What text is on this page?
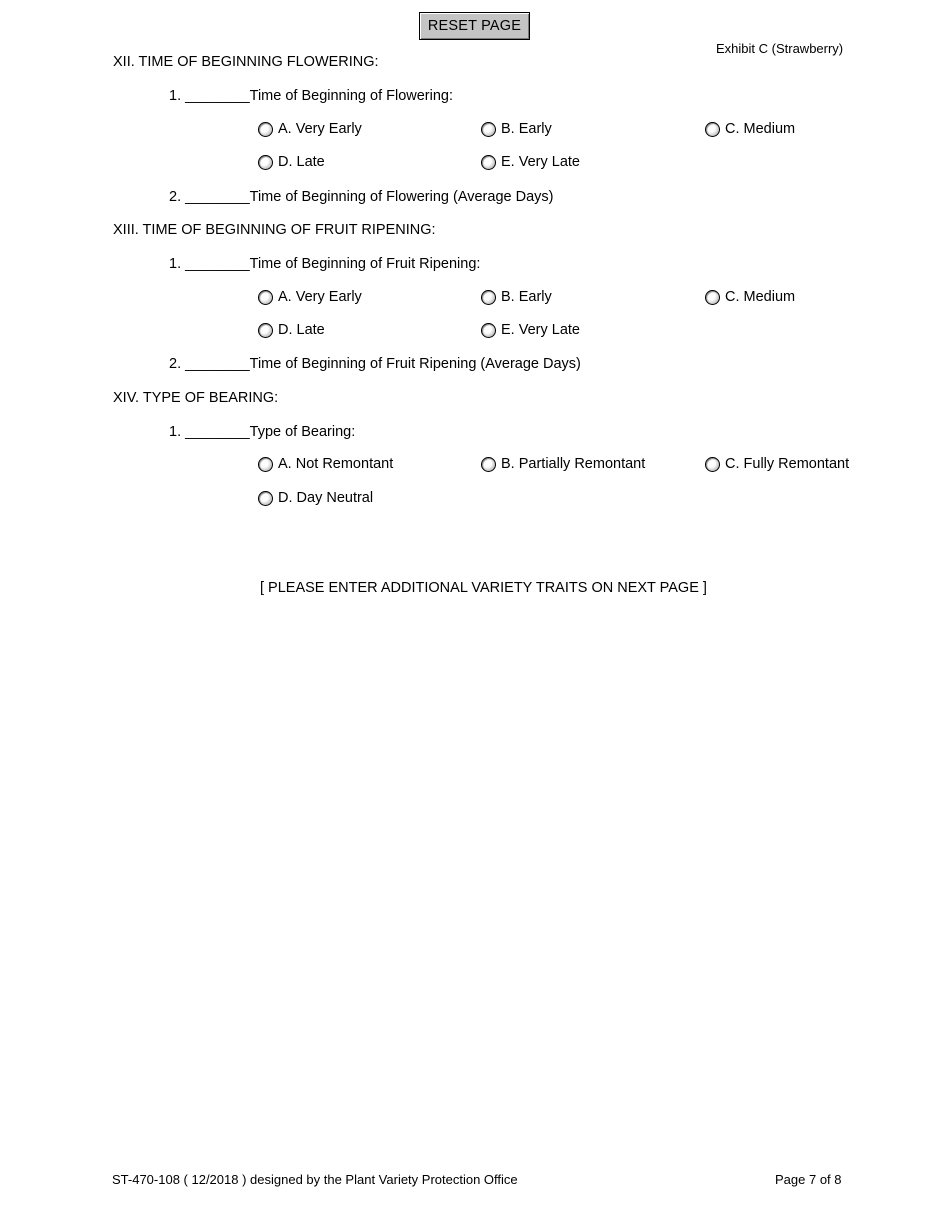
RESET PAGE
Exhibit C (Strawberry)
XII. TIME OF BEGINNING FLOWERING:
1. ________Time of Beginning of Flowering:
A. Very Early	B. Early	C. Medium
D. Late	E. Very Late
2. ________Time of Beginning of Flowering (Average Days)
XIII. TIME OF BEGINNING OF FRUIT RIPENING:
1. ________Time of Beginning of Fruit Ripening:
A. Very Early	B. Early	C. Medium
D. Late	E. Very Late
2. ________Time of Beginning of Fruit Ripening (Average Days)
XIV. TYPE OF BEARING:
1. ________Type of Bearing:
A. Not Remontant	B. Partially Remontant	C. Fully Remontant
D. Day Neutral
[ PLEASE ENTER ADDITIONAL VARIETY TRAITS ON NEXT PAGE ]
ST-470-108 ( 12/2018 ) designed by the Plant Variety Protection Office	Page 7 of 8
